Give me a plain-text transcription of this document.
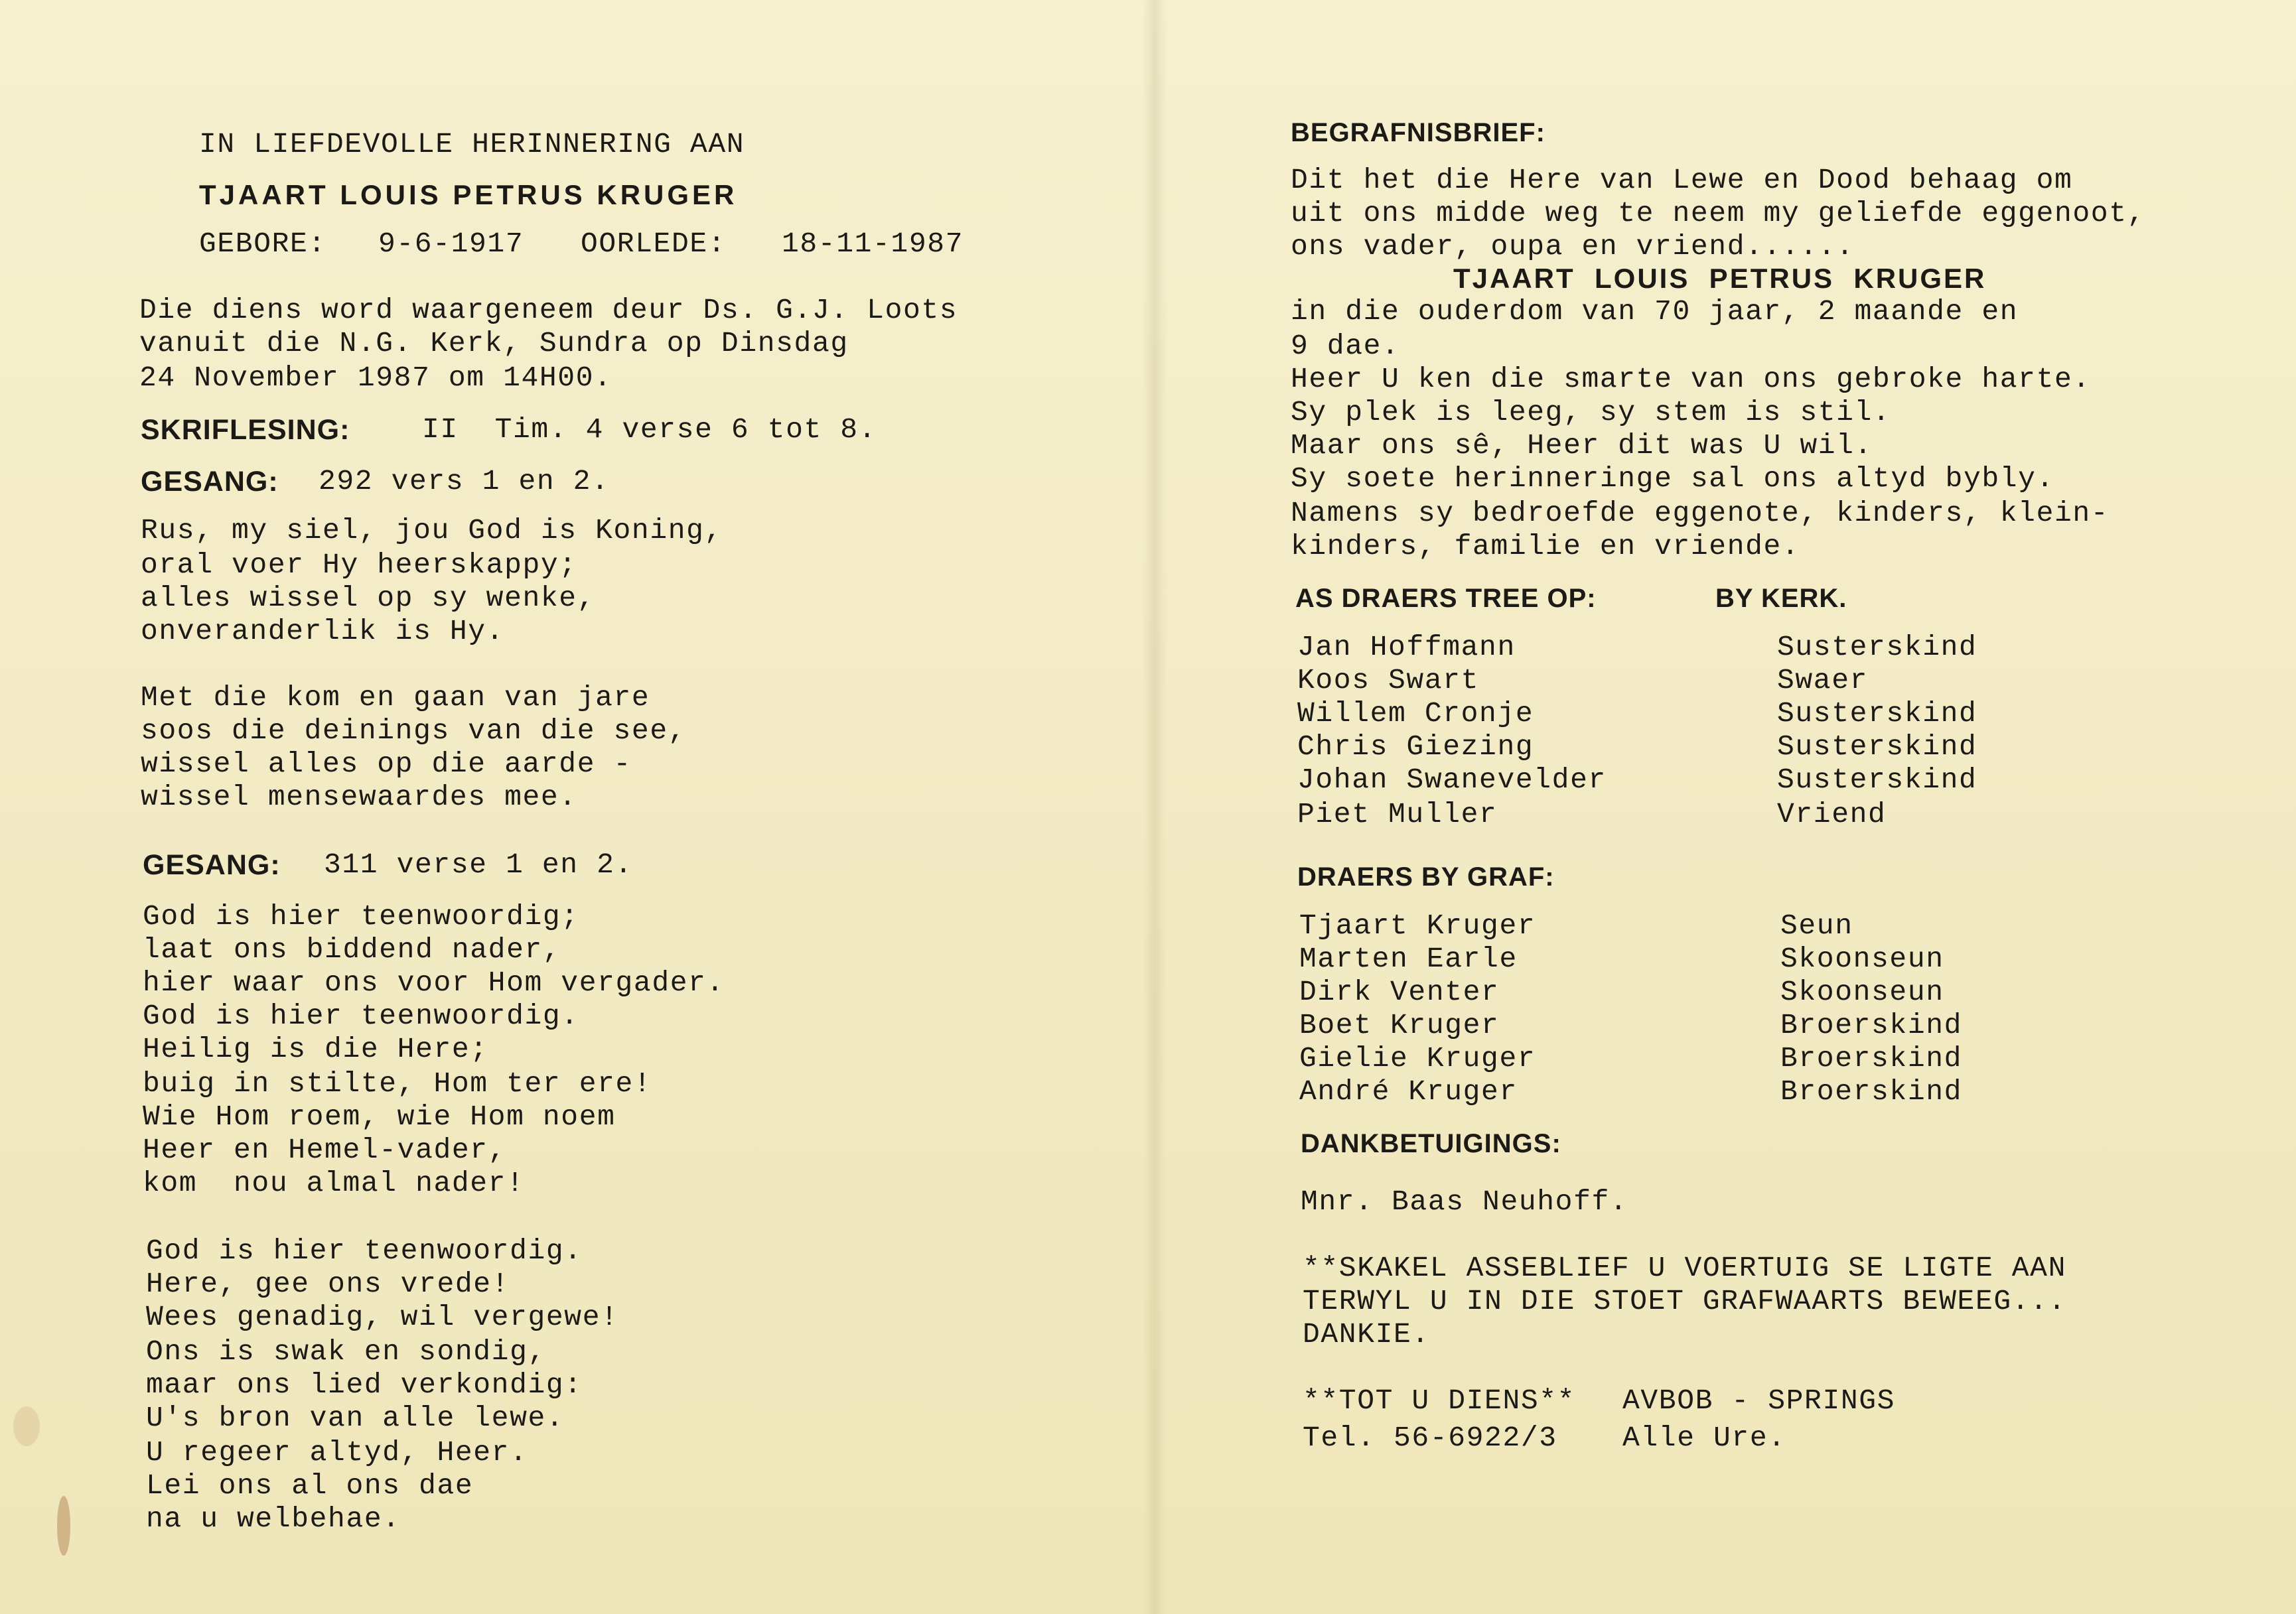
IN LIEFDEVOLLE HERINNERING AAN
TJAART LOUIS PETRUS KRUGER
GEBORE: 9-6-1917 OORLEDE: 18-11-1987
Die diens word waargeneem deur Ds. G.J. Loots
vanuit die N.G. Kerk, Sundra op Dinsdag
24 November 1987 om 14H00.
SKRIFLESING:	II  Tim. 4 verse 6 tot 8.
GESANG: 292 vers 1 en 2.
Rus, my siel, jou God is Koning,
oral voer Hy heerskappy;
alles wissel op sy wenke,
onveranderlik is Hy.
Met die kom en gaan van jare
soos die deinings van die see,
wissel alles op die aarde -
wissel mensewaardes mee.
GESANG: 311 verse 1 en 2.
God is hier teenwoordig;
laat ons biddend nader,
hier waar ons voor Hom vergader.
God is hier teenwoordig.
Heilig is die Here;
buig in stilte, Hom ter ere!
Wie Hom roem, wie Hom noem
Heer en Hemel-vader,
kom  nou almal nader!
God is hier teenwoordig.
Here, gee ons vrede!
Wees genadig, wil vergewe!
Ons is swak en sondig,
maar ons lied verkondig:
U's bron van alle lewe.
U regeer altyd, Heer.
Lei ons al ons dae
na u welbehae.
BEGRAFNISBRIEF:
Dit het die Here van Lewe en Dood behaag om
uit ons midde weg te neem my geliefde eggenoot,
ons vader, oupa en vriend......
TJAART  LOUIS  PETRUS  KRUGER
in die ouderdom van 70 jaar, 2 maande en
9 dae.
Heer U ken die smarte van ons gebroke harte.
Sy plek is leeg, sy stem is stil.
Maar ons sê, Heer dit was U wil.
Sy soete herinneringe sal ons altyd bybly.
Namens sy bedroefde eggenote, kinders, klein-
kinders, familie en vriende.
AS DRAERS TREE OP:	BY KERK.
Jan Hoffmann	Susterskind
Koos Swart	Swaer
Willem Cronje	Susterskind
Chris Giezing	Susterskind
Johan Swanevelder	Susterskind
Piet Muller	Vriend
DRAERS BY GRAF:
Tjaart Kruger	Seun
Marten Earle	Skoonseun
Dirk Venter	Skoonseun
Boet Kruger	Broerskind
Gielie Kruger	Broerskind
André Kruger	Broerskind
DANKBETUIGINGS:
Mnr. Baas Neuhoff.
**SKAKEL ASSEBLIEF U VOERTUIG SE LIGTE AAN
TERWYL U IN DIE STOET GRAFWAARTS BEWEEG...
DANKIE.
**TOT U DIENS** AVBOB - SPRINGS
Tel. 56-6922/3 Alle Ure.
